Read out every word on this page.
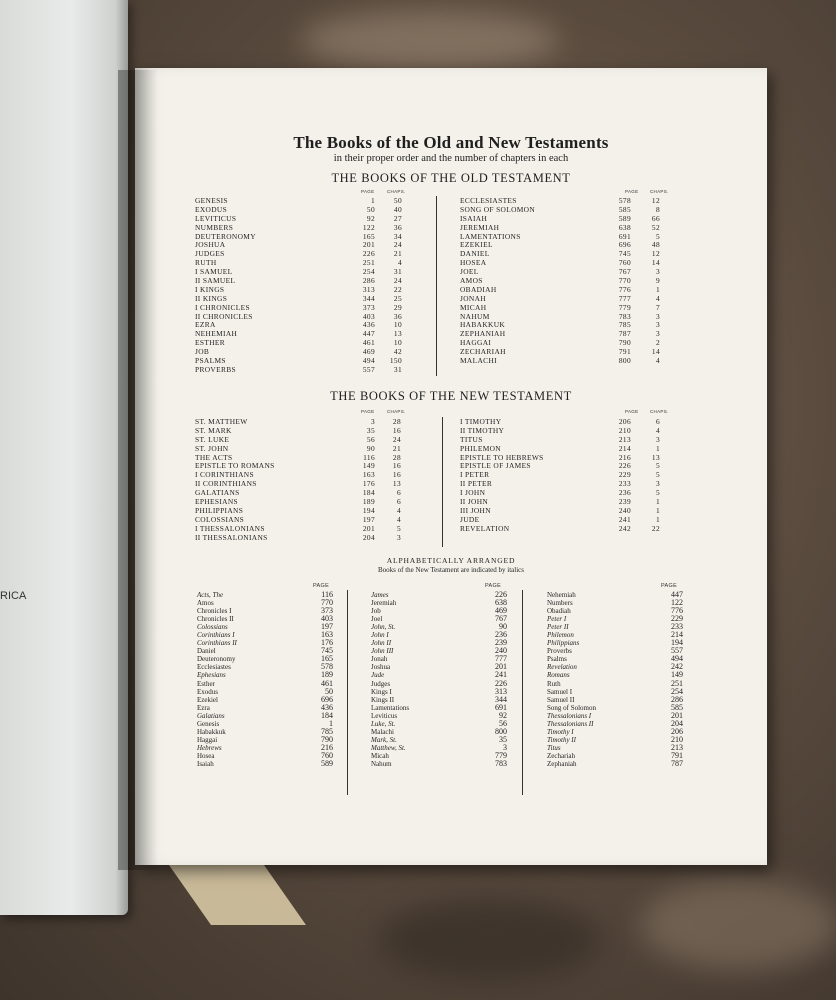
RICA
The Books of the Old and New Testaments
in their proper order and the number of chapters in each
THE BOOKS OF THE OLD TESTAMENT
PAGE	CHAPS.	PAGE	CHAPS.
GENESIS	1	50
EXODUS	50	40
LEVITICUS	92	27
NUMBERS	122	36
DEUTERONOMY	165	34
JOSHUA	201	24
JUDGES	226	21
RUTH	251	4
I SAMUEL	254	31
II SAMUEL	286	24
I KINGS	313	22
II KINGS	344	25
I CHRONICLES	373	29
II CHRONICLES	403	36
EZRA	436	10
NEHEMIAH	447	13
ESTHER	461	10
JOB	469	42
PSALMS	494 150
PROVERBS	557	31
ECCLESIASTES	578	12
SONG OF SOLOMON	585	8
ISAIAH	589	66
JEREMIAH	638	52
LAMENTATIONS	691	5
EZEKIEL	696	48
DANIEL	745	12
HOSEA	760	14
JOEL	767	3
AMOS	770	9
OBADIAH	776	1
JONAH	777	4
MICAH	779	7
NAHUM	783	3
HABAKKUK	785	3
ZEPHANIAH	787	3
HAGGAI	790	2
ZECHARIAH	791	14
MALACHI	800	4
THE BOOKS OF THE NEW TESTAMENT
PAGE	CHAPS.	PAGE	CHAPS.
ST. MATTHEW	3 28
ST. MARK	35 16
ST. LUKE	56 24
ST. JOHN	90 21
THE ACTS	116 28
EPISTLE TO ROMANS	149 16
I CORINTHIANS	163 16
II CORINTHIANS	176 13
GALATIANS	184	6
EPHESIANS	189	6
PHILIPPIANS	194	4
COLOSSIANS	197	4
I THESSALONIANS	201	5
II THESSALONIANS	204	3
I TIMOTHY	206	6
II TIMOTHY	210	4
TITUS	213	3
PHILEMON	214	1
EPISTLE TO HEBREWS	216	13
EPISTLE OF JAMES	226	5
I PETER	229	5
II PETER	233	3
I JOHN	236	5
II JOHN	239	1
III JOHN	240	1
JUDE	241	1
REVELATION	242	22
ALPHABETICALLY ARRANGED
Books of the New Testament are indicated by italics
PAGE	PAGE	PAGE
Acts, The	116
Amos	770
Chronicles I	373
Chronicles II	403
Colossians	197
Corinthians I	163
Corinthians II	176
Daniel	745
Deuteronomy	165
Ecclesiastes	578
Ephesians	189
Esther	461
Exodus	50
Ezekiel	696
Ezra	436
Galatians	184
Genesis	1
Habakkuk	785
Haggai	790
Hebrews	216
Hosea	760
Isaiah	589
James	226
Jeremiah	638
Job	469
Joel	767
John, St.	90
John I	236
John II	239
John III	240
Jonah	777
Joshua	201
Jude	241
Judges	226
Kings I	313
Kings II	344
Lamentations	691
Leviticus	92
Luke, St.	56
Malachi	800
Mark, St.	35
Matthew, St.	3
Micah	779
Nahum	783
Nehemiah	447
Numbers	122
Obadiah	776
Peter I	229
Peter II	233
Philemon	214
Philippians	194
Proverbs	557
Psalms	494
Revelation	242
Romans	149
Ruth	251
Samuel I	254
Samuel II	286
Song of Solomon	585
Thessalonians I	201
Thessalonians II	204
Timothy I	206
Timothy II	210
Titus	213
Zechariah	791
Zephaniah	787
